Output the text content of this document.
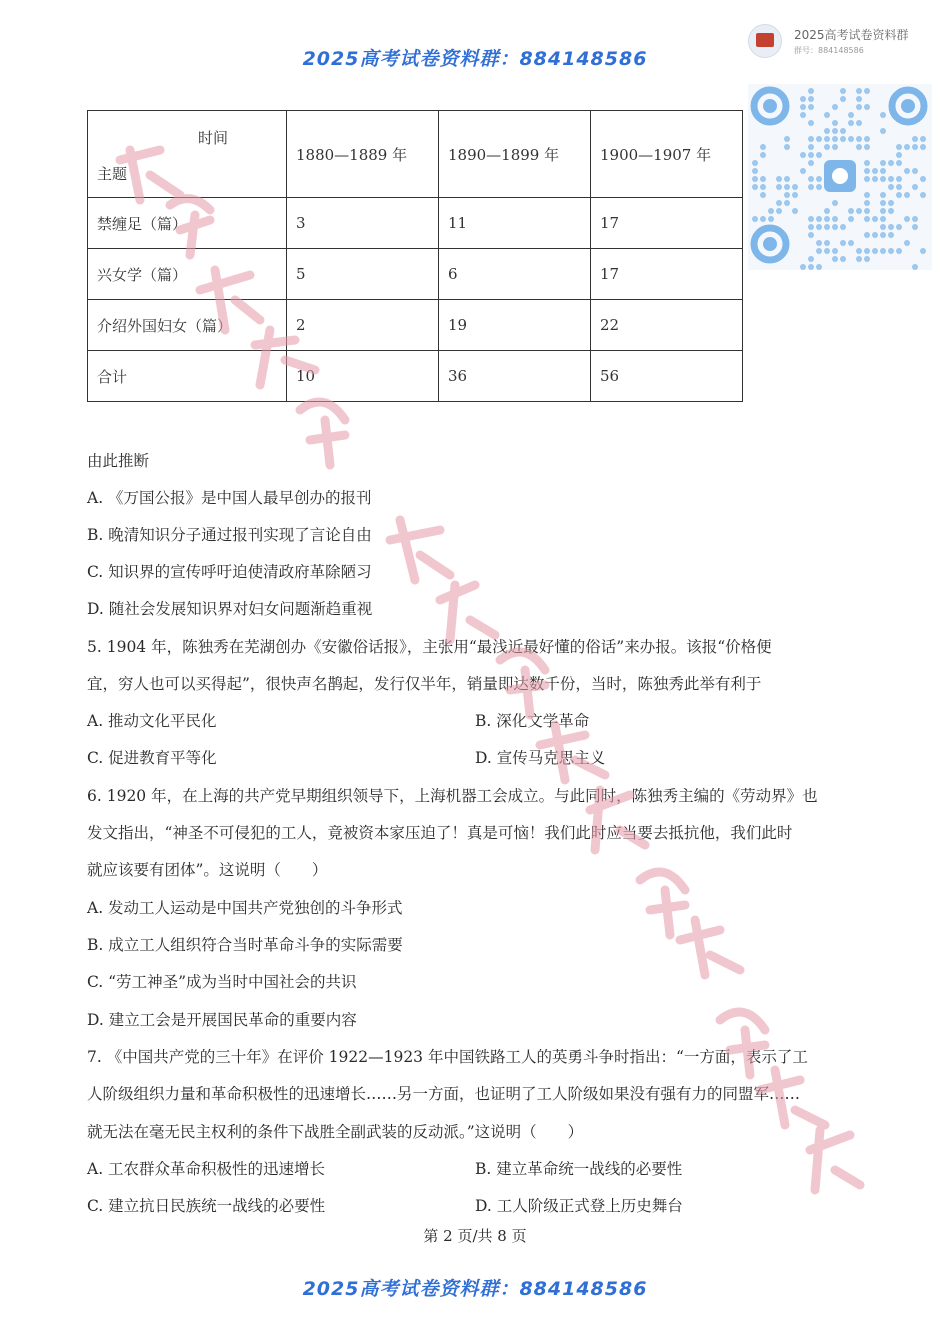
2025高考试卷资料群：884148586
2025高考试卷资料群
群号：884148586
时间
主题	1880—1889 年	1890—1899 年	1900—1907 年
禁缠足（篇）	3	11	17
兴女学（篇）	5	6	17
介绍外国妇女（篇）	2	19	22
合计	10	36	56
由此推断
A. 《万国公报》是中国人最早创办的报刊
B. 晚清知识分子通过报刊实现了言论自由
C. 知识界的宣传呼吁迫使清政府革除陋习
D. 随社会发展知识界对妇女问题渐趋重视
5. 1904 年，陈独秀在芜湖创办《安徽俗话报》，主张用“最浅近最好懂的俗话”来办报。该报“价格便
宜，穷人也可以买得起”，很快声名鹊起，发行仅半年，销量即达数千份，当时，陈独秀此举有利于
A. 推动文化平民化	B. 深化文学革命
C. 促进教育平等化	D. 宣传马克思主义
6. 1920 年，在上海的共产党早期组织领导下，上海机器工会成立。与此同时，陈独秀主编的《劳动界》也
发文指出，“神圣不可侵犯的工人，竟被资本家压迫了！真是可恼！我们此时应当要去抵抗他，我们此时
就应该要有团体”。这说明（　　）
A. 发动工人运动是中国共产党独创的斗争形式
B. 成立工人组织符合当时革命斗争的实际需要
C. “劳工神圣”成为当时中国社会的共识
D. 建立工会是开展国民革命的重要内容
7. 《中国共产党的三十年》在评价 1922—1923 年中国铁路工人的英勇斗争时指出：“一方面，表示了工
人阶级组织力量和革命积极性的迅速增长……另一方面，也证明了工人阶级如果没有强有力的同盟军……
就无法在毫无民主权利的条件下战胜全副武装的反动派。”这说明（　　）
A. 工农群众革命积极性的迅速增长	B. 建立革命统一战线的必要性
C. 建立抗日民族统一战线的必要性	D. 工人阶级正式登上历史舞台
第 2 页/共 8 页
2025高考试卷资料群：884148586
